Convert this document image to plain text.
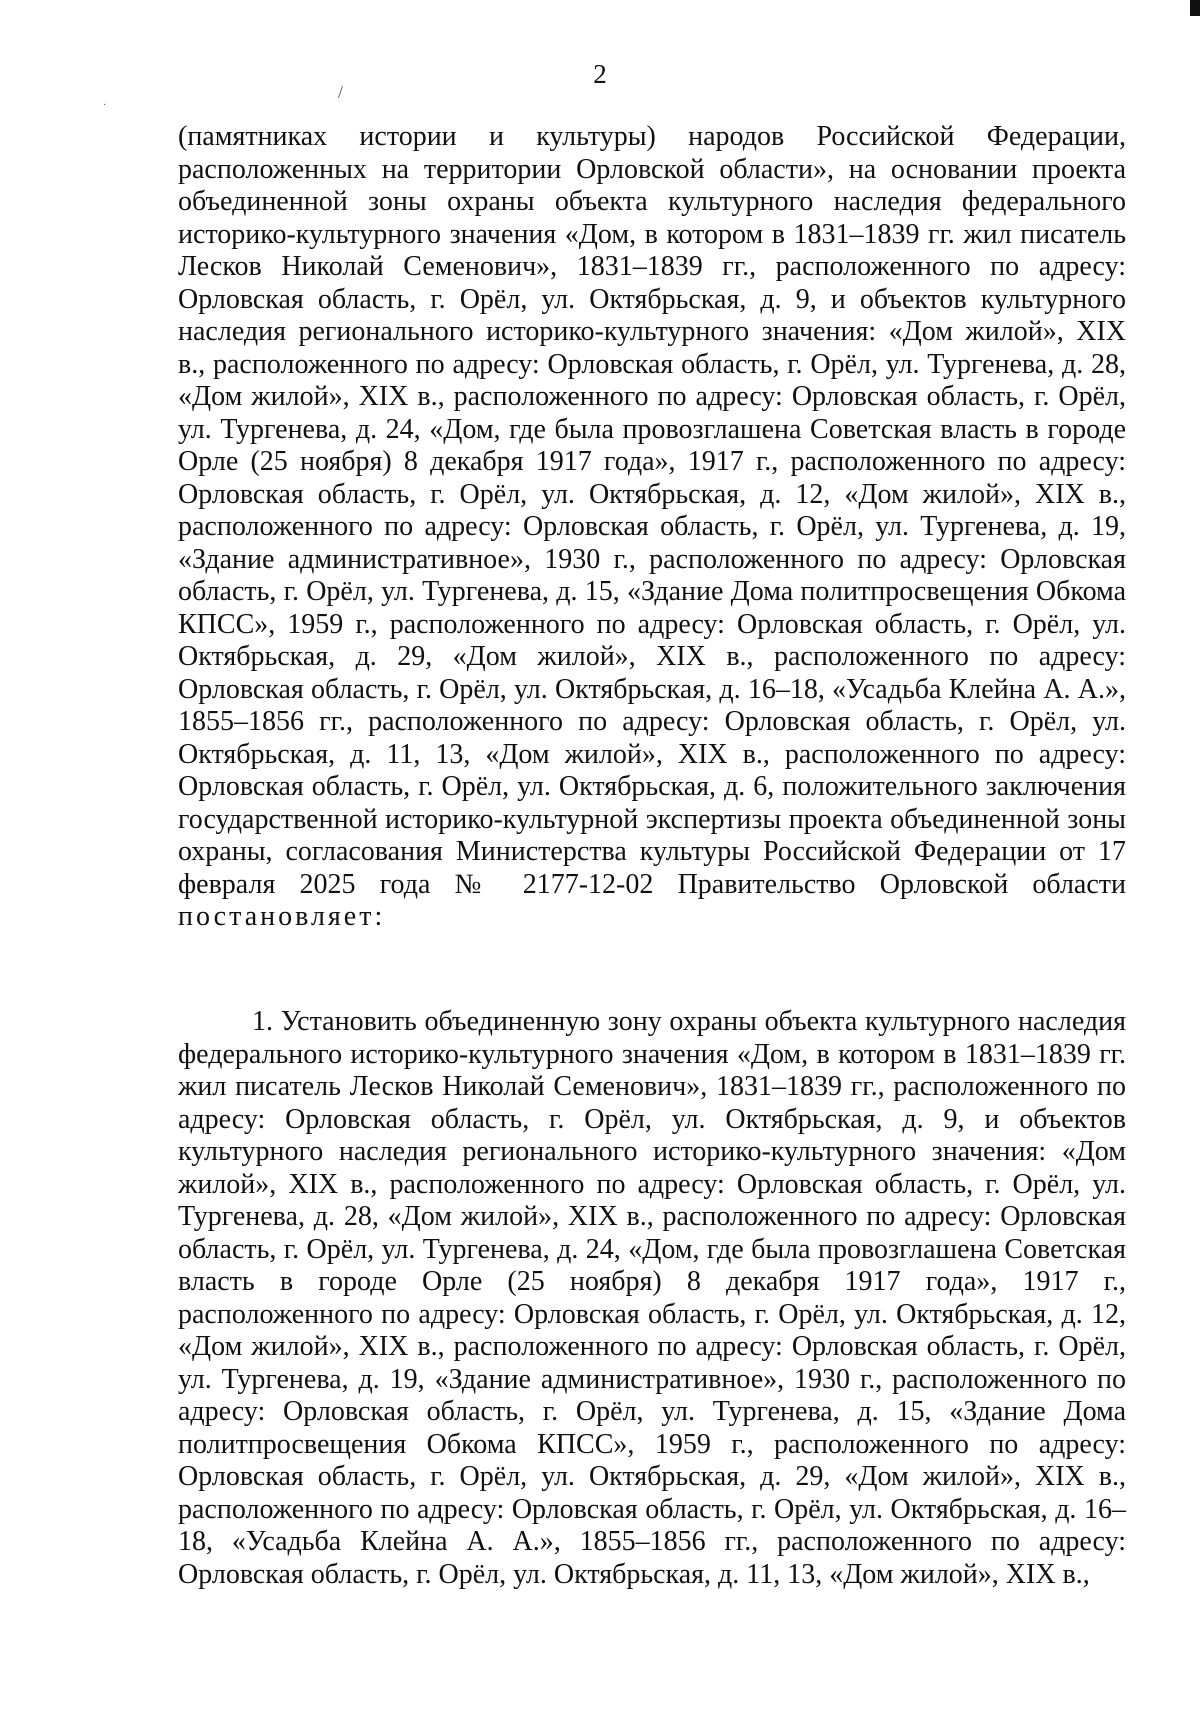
/
·
2

(памятниках истории и культуры) народов Российской Федерации, расположенных на территории Орловской области», на основании проекта объединенной зоны охраны объекта культурного наследия федерального историко-культурного значения «Дом, в котором в 1831–1839 гг. жил писатель Лесков Николай Семенович», 1831–1839 гг., расположенного по адресу: Орловская область, г. Орёл, ул. Октябрьская, д. 9, и объектов культурного наследия регионального историко-культурного значения: «Дом жилой», XIX в., расположенного по адресу: Орловская область, г. Орёл, ул. Тургенева, д. 28, «Дом жилой», XIX в., расположенного по адресу: Орловская область, г. Орёл, ул. Тургенева, д. 24, «Дом, где была провозглашена Советская власть в городе Орле (25 ноября) 8 декабря 1917 года», 1917 г., расположенного по адресу: Орловская область, г. Орёл, ул. Октябрьская, д. 12, «Дом жилой», XIX в., расположенного по адресу: Орловская область, г. Орёл, ул. Тургенева, д. 19, «Здание административное», 1930 г., расположенного по адресу: Орловская область, г. Орёл, ул. Тургенева, д. 15, «Здание Дома политпросвещения Обкома КПСС», 1959 г., расположенного по адресу: Орловская область, г. Орёл, ул. Октябрьская, д. 29, «Дом жилой», XIX в., расположенного по адресу: Орловская область, г. Орёл, ул. Октябрьская, д. 16–18, «Усадьба Клейна А. А.», 1855–1856 гг., расположенного по адресу: Орловская область, г. Орёл, ул. Октябрьская, д. 11, 13, «Дом жилой», XIX в., расположенного по адресу: Орловская область, г. Орёл, ул. Октябрьская, д. 6, положительного заключения государственной историко-культурной экспертизы проекта объединенной зоны охраны, согласования Министерства культуры Российской Федерации от 17 февраля 2025 года № 2177-12-02 Правительство Орловской области постановляет:

1. Установить объединенную зону охраны объекта культурного наследия федерального историко-культурного значения «Дом, в котором в 1831–1839 гг. жил писатель Лесков Николай Семенович», 1831–1839 гг., расположенного по адресу: Орловская область, г. Орёл, ул. Октябрьская, д. 9, и объектов культурного наследия регионального историко-культурного значения: «Дом жилой», XIX в., расположенного по адресу: Орловская область, г. Орёл, ул. Тургенева, д. 28, «Дом жилой», XIX в., расположенного по адресу: Орловская область, г. Орёл, ул. Тургенева, д. 24, «Дом, где была провозглашена Советская власть в городе Орле (25 ноября) 8 декабря 1917 года», 1917 г., расположенного по адресу: Орловская область, г. Орёл, ул. Октябрьская, д. 12, «Дом жилой», XIX в., расположенного по адресу: Орловская область, г. Орёл, ул. Тургенева, д. 19, «Здание административное», 1930 г., расположенного по адресу: Орловская область, г. Орёл, ул. Тургенева, д. 15, «Здание Дома политпросвещения Обкома КПСС», 1959 г., расположенного по адресу: Орловская область, г. Орёл, ул. Октябрьская, д. 29, «Дом жилой», XIX в., расположенного по адресу: Орловская область, г. Орёл, ул. Октябрьская, д. 16–18, «Усадьба Клейна А. А.», 1855–1856 гг., расположенного по адресу: Орловская область, г. Орёл, ул. Октябрьская, д. 11, 13, «Дом жилой», XIX в.,
